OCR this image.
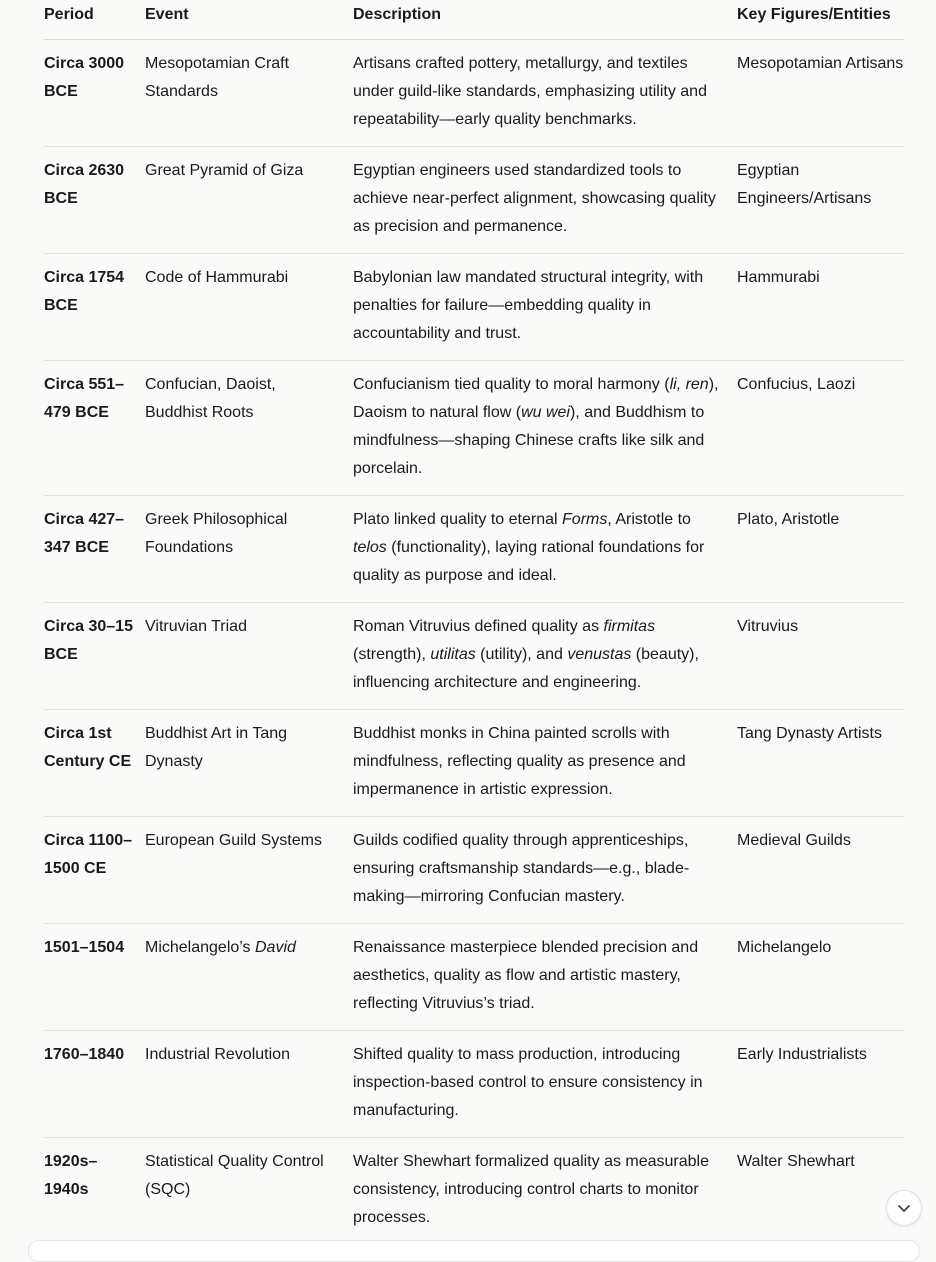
Period	Event	Description	Key Figures/Entities
Circa 3000 BCE	Mesopotamian Craft Standards	Artisans crafted pottery, metallurgy, and textiles under guild-like standards, emphasizing utility and repeatability—early quality benchmarks.	Mesopotamian Artisans
Circa 2630 BCE	Great Pyramid of Giza	Egyptian engineers used standardized tools to achieve near-perfect alignment, showcasing quality as precision and permanence.	Egyptian Engineers/Artisans
Circa 1754 BCE	Code of Hammurabi	Babylonian law mandated structural integrity, with penalties for failure—embedding quality in accountability and trust.	Hammurabi
Circa 551–479 BCE	Confucian, Daoist, Buddhist Roots	Confucianism tied quality to moral harmony (li, ren), Daoism to natural flow (wu wei), and Buddhism to mindfulness—shaping Chinese crafts like silk and porcelain.	Confucius, Laozi
Circa 427–347 BCE	Greek Philosophical Foundations	Plato linked quality to eternal Forms, Aristotle to telos (functionality), laying rational foundations for quality as purpose and ideal.	Plato, Aristotle
Circa 30–15 BCE	Vitruvian Triad	Roman Vitruvius defined quality as firmitas (strength), utilitas (utility), and venustas (beauty), influencing architecture and engineering.	Vitruvius
Circa 1st Century CE	Buddhist Art in Tang Dynasty	Buddhist monks in China painted scrolls with mindfulness, reflecting quality as presence and impermanence in artistic expression.	Tang Dynasty Artists
Circa 1100–1500 CE	European Guild Systems	Guilds codified quality through apprenticeships, ensuring craftsmanship standards—e.g., blade-making—mirroring Confucian mastery.	Medieval Guilds
1501–1504	Michelangelo’s David	Renaissance masterpiece blended precision and aesthetics, quality as flow and artistic mastery, reflecting Vitruvius’s triad.	Michelangelo
1760–1840	Industrial Revolution	Shifted quality to mass production, introducing inspection-based control to ensure consistency in manufacturing.	Early Industrialists
1920s–1940s	Statistical Quality Control (SQC)	Walter Shewhart formalized quality as measurable consistency, introducing control charts to monitor processes.	Walter Shewhart
